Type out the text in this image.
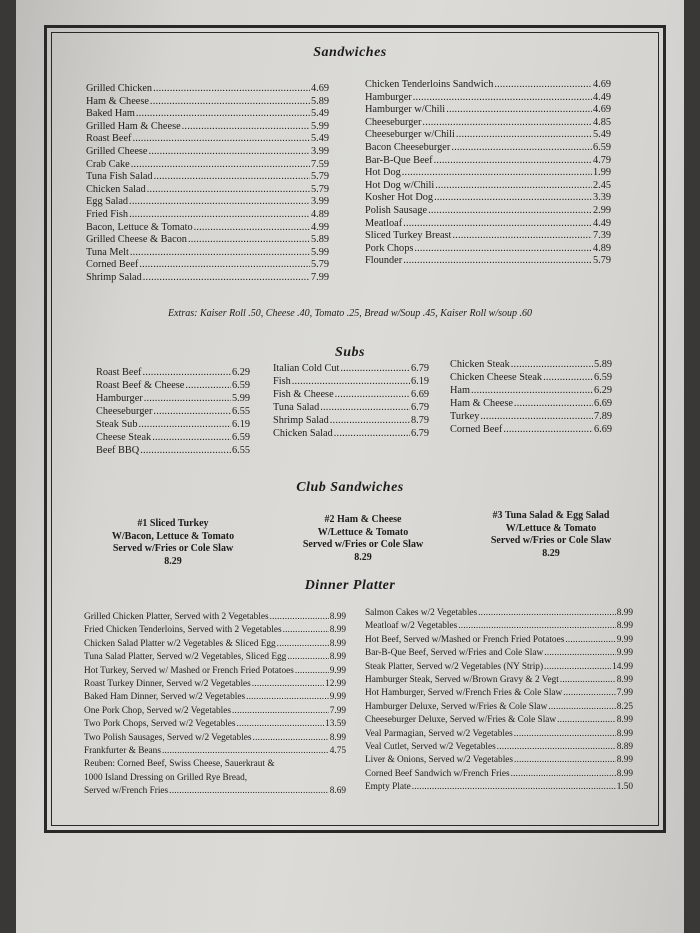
Sandwiches
Grilled Chicken .....	4.69
Ham & Cheese .....	5.89
Baked Ham .....	5.49
Grilled Ham & Cheese .....	5.99
Roast Beef .....	5.49
Grilled Cheese .....	3.99
Crab Cake .....	7.59
Tuna Fish Salad .....	5.79
Chicken Salad .....	5.79
Egg Salad .....	3.99
Fried Fish .....	4.89
Bacon, Lettuce & Tomato .....	4.99
Grilled Cheese & Bacon .....	5.89
Tuna Melt .....	5.99
Corned Beef .....	5.79
Shrimp Salad .....	7.99
Chicken Tenderloins Sandwich .....	4.69
Hamburger .....	4.49
Hamburger w/Chili .....	4.69
Cheeseburger .....	4.85
Cheeseburger w/Chili .....	5.49
Bacon Cheeseburger .....	6.59
Bar-B-Que Beef .....	4.79
Hot Dog .....	1.99
Hot Dog w/Chili .....	2.45
Kosher Hot Dog .....	3.39
Polish Sausage .....	2.99
Meatloaf .....	4.49
Sliced Turkey Breast .....	7.39
Pork Chops .....	4.89
Flounder .....	5.79
Extras: Kaiser Roll .50, Cheese .40, Tomato .25, Bread w/Soup .45, Kaiser Roll w/soup .60
Subs
Roast Beef .....	6.29
Roast Beef & Cheese .....	6.59
Hamburger .....	5.99
Cheeseburger .....	6.55
Steak Sub .....	6.19
Cheese Steak .....	6.59
Beef BBQ .....	6.55
Italian Cold Cut .....	6.79
Fish .....	6.19
Fish & Cheese .....	6.69
Tuna Salad .....	6.79
Shrimp Salad .....	8.79
Chicken Salad .....	6.79
Chicken Steak .....	5.89
Chicken Cheese Steak .....	6.59
Ham .....	6.29
Ham & Cheese .....	6.69
Turkey .....	7.89
Corned Beef .....	6.69
Club Sandwiches
#1 Sliced Turkey
W/Bacon, Lettuce & Tomato
Served w/Fries or Cole Slaw
8.29
#2 Ham & Cheese
W/Lettuce & Tomato
Served w/Fries or Cole Slaw
8.29
#3 Tuna Salad & Egg Salad
W/Lettuce & Tomato
Served w/Fries or Cole Slaw
8.29
Dinner Platter
Grilled Chicken Platter, Served with 2 Vegetables .....	8.99
Fried Chicken Tenderloins, Served with 2 Vegetables .....	8.99
Chicken Salad Platter w/2 Vegetables & Sliced Egg .....	8.99
Tuna Salad Platter, Served w/2 Vegetables, Sliced Egg .....	8.99
Hot Turkey, Served w/ Mashed or French Fried Potatoes .....	9.99
Roast Turkey Dinner, Served w/2 Vegetables .....	12.99
Baked Ham Dinner, Served w/2 Vegetables .....	9.99
One Pork Chop, Served w/2 Vegetables .....	7.99
Two Pork Chops, Served w/2 Vegetables .....	13.59
Two Polish Sausages, Served w/2 Vegetables .....	8.99
Frankfurter & Beans .....	4.75
Reuben: Corned Beef, Swiss Cheese, Sauerkraut &
1000 Island Dressing on Grilled Rye Bread,
Served w/French Fries .....	8.69
Salmon Cakes w/2 Vegetables .....	8.99
Meatloaf w/2 Vegetables .....	8.99
Hot Beef, Served w/Mashed or French Fried Potatoes .....	9.99
Bar-B-Que Beef, Served w/Fries and Cole Slaw .....	9.99
Steak Platter, Served w/2 Vegetables (NY Strip) .....	14.99
Hamburger Steak, Served w/Brown Gravy & 2 Vegt .....	8.99
Hot Hamburger, Served w/French Fries & Cole Slaw .....	7.99
Hamburger Deluxe, Served w/Fries & Cole Slaw .....	8.25
Cheeseburger Deluxe, Served w/Fries & Cole Slaw .....	8.99
Veal Parmagian, Served w/2 Vegetables .....	8.99
Veal Cutlet, Served w/2 Vegetables .....	8.89
Liver & Onions, Served w/2 Vegetables .....	8.99
Corned Beef Sandwich w/French Fries .....	8.99
Empty Plate .....	1.50
